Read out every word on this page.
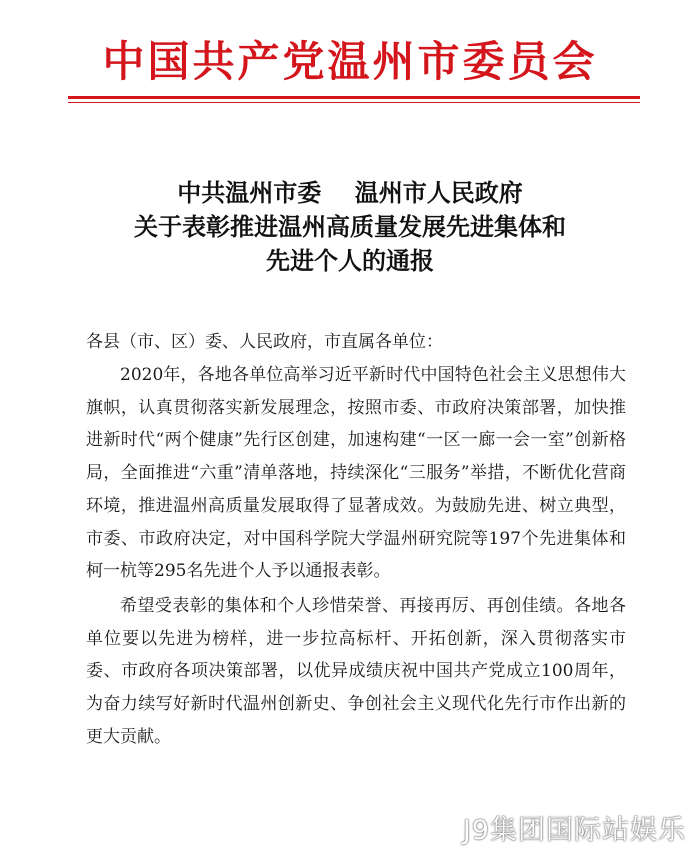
中国共产党温州市委员会
中共温州市委    温州市人民政府
关于表彰推进温州高质量发展先进集体和
先进个人的通报
各县（市、区）委、人民政府，市直属各单位：
2020年，各地各单位高举习近平新时代中国特色社会主义思想伟大旗帜，认真贯彻落实新发展理念，按照市委、市政府决策部署，加快推进新时代“两个健康”先行区创建，加速构建“一区一廊一会一室”创新格局，全面推进“六重”清单落地，持续深化“三服务”举措，不断优化营商环境，推进温州高质量发展取得了显著成效。为鼓励先进、树立典型，市委、市政府决定，对中国科学院大学温州研究院等197个先进集体和柯一杭等295名先进个人予以通报表彰。
希望受表彰的集体和个人珍惜荣誉、再接再厉、再创佳绩。各地各单位要以先进为榜样，进一步拉高标杆、开拓创新，深入贯彻落实市委、市政府各项决策部署，以优异成绩庆祝中国共产党成立100周年，为奋力续写好新时代温州创新史、争创社会主义现代化先行市作出新的更大贡献。
J9集团国际站娱乐
